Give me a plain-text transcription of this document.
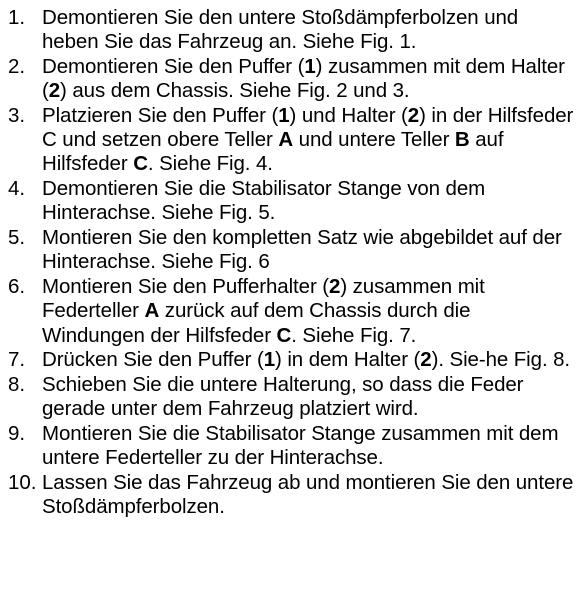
1. Demontieren Sie den untere Stoßdämpferbolzen und heben Sie das Fahrzeug an. Siehe Fig. 1.
2. Demontieren Sie den Puffer (1) zusammen mit dem Halter (2) aus dem Chassis. Siehe Fig. 2 und 3.
3. Platzieren Sie den Puffer (1) und Halter (2) in der Hilfsfeder C und setzen obere Teller A und untere Teller B auf Hilfsfeder C. Siehe Fig. 4.
4. Demontieren Sie die Stabilisator Stange von dem Hinterachse. Siehe Fig. 5.
5. Montieren Sie den kompletten Satz wie abgebildet auf der Hinterachse. Siehe Fig. 6
6. Montieren Sie den Pufferhalter (2) zusammen mit Federteller A zurück auf dem Chassis durch die Windungen der Hilfsfeder C. Siehe Fig. 7.
7. Drücken Sie den Puffer (1) in dem Halter (2). Sie-he Fig. 8.
8. Schieben Sie die untere Halterung, so dass die Feder gerade unter dem Fahrzeug platziert wird.
9. Montieren Sie die Stabilisator Stange zusammen mit dem untere Federteller zu der Hinterachse.
10. Lassen Sie das Fahrzeug ab und montieren Sie den untere Stoßdämpferbolzen.
